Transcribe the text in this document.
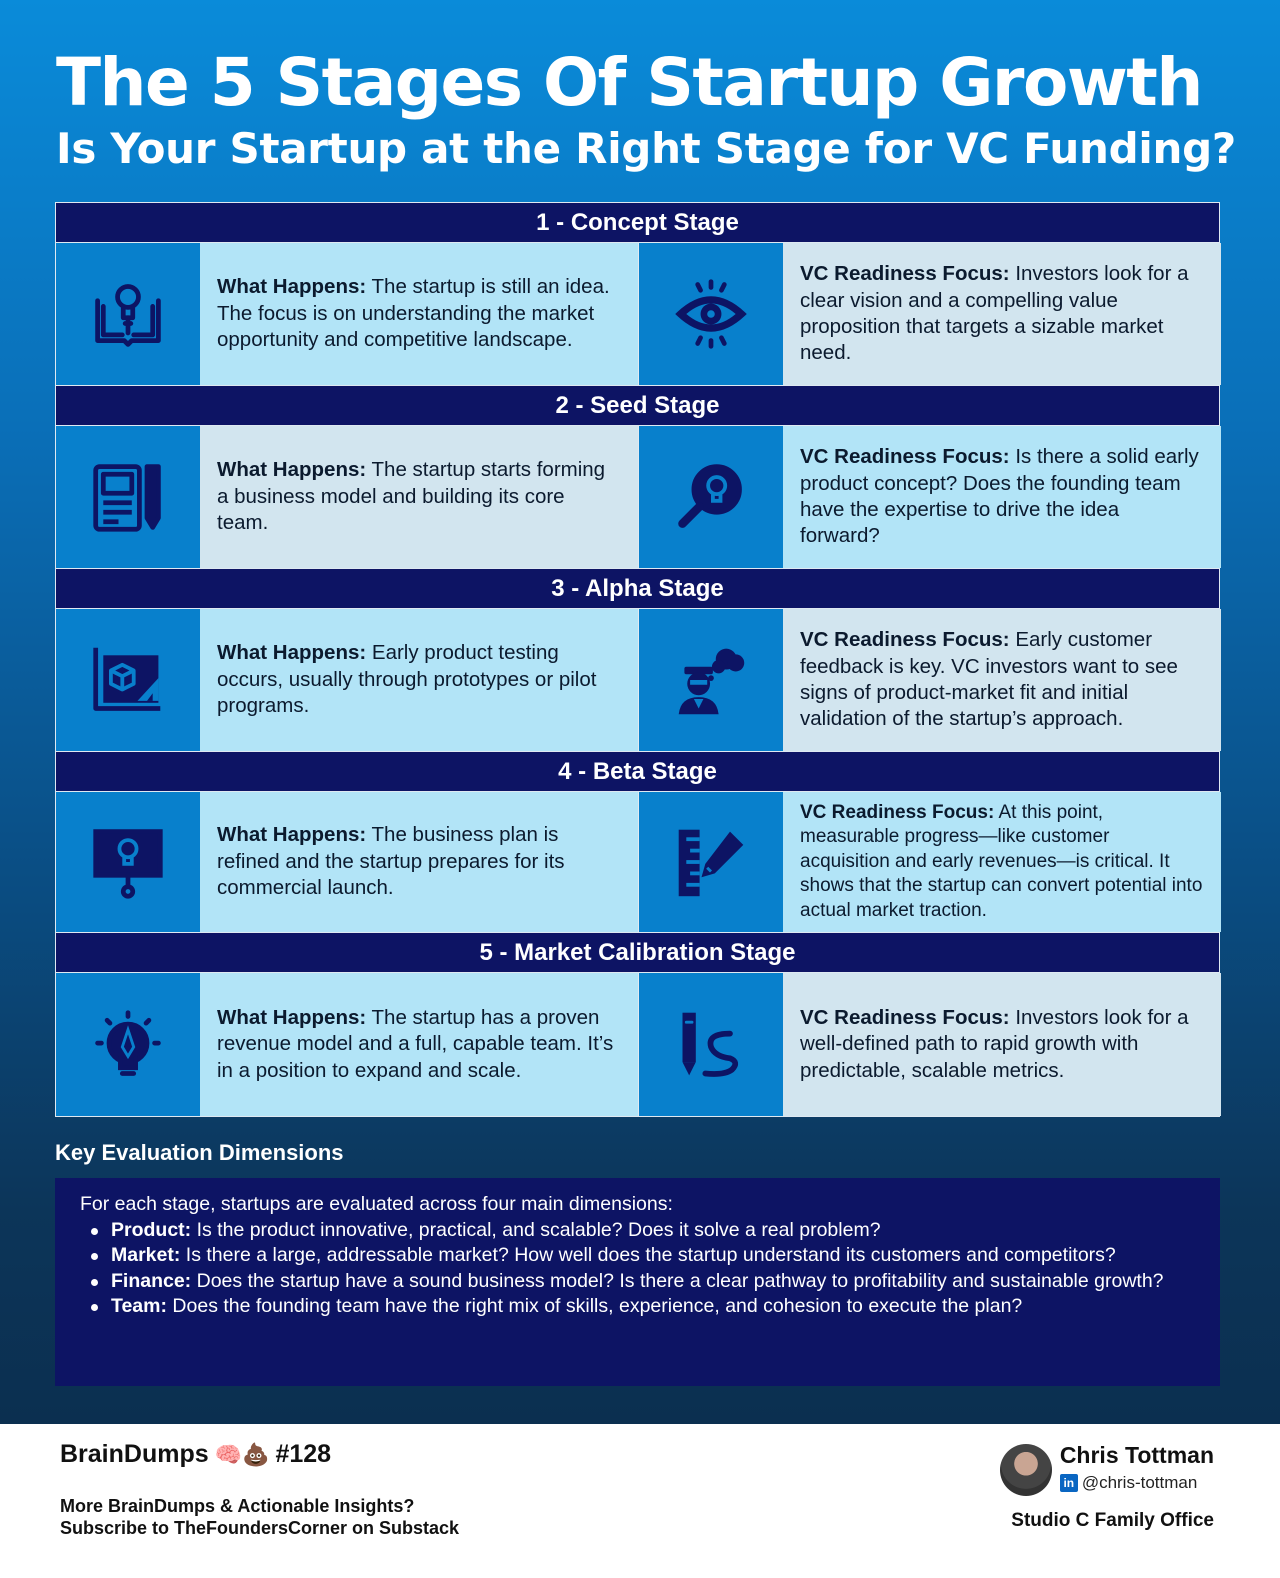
The 5 Stages Of Startup Growth
Is Your Startup at the Right Stage for VC Funding?
1 - Concept Stage

What Happens: The startup is still an idea. The focus is on understanding the market opportunity and competitive landscape.

VC Readiness Focus: Investors look for a clear vision and a compelling value proposition that targets a sizable market need.

2 - Seed Stage

What Happens: The startup starts forming a business model and building its core team.

VC Readiness Focus: Is there a solid early product concept? Does the founding team have the expertise to drive the idea forward?

3 - Alpha Stage

What Happens: Early product testing occurs, usually through prototypes or pilot programs.

VC Readiness Focus: Early customer feedback is key. VC investors want to see signs of product-market fit and initial validation of the startup’s approach.

4 - Beta Stage

What Happens: The business plan is refined and the startup prepares for its commercial launch.

VC Readiness Focus: At this point, measurable progress—like customer acquisition and early revenues—is critical. It shows that the startup can convert potential into actual market traction.

5 - Market Calibration Stage

What Happens: The startup has a proven revenue model and a full, capable team. It’s in a position to expand and scale.

VC Readiness Focus: Investors look for a well-defined path to rapid growth with predictable, scalable metrics.

Key Evaluation Dimensions

For each stage, startups are evaluated across four main dimensions:

Product: Is the product innovative, practical, and scalable? Does it solve a real problem?
Market: Is there a large, addressable market? How well does the startup understand its customers and competitors?
Finance: Does the startup have a sound business model? Is there a clear pathway to profitability and sustainable growth?
Team: Does the founding team have the right mix of skills, experience, and cohesion to execute the plan?
BrainDumps 🧠💩 #128
More BrainDumps & Actionable Insights?
Subscribe to TheFoundersCorner on Substack
Chris Tottman
in @chris-tottman
Studio C Family Office
